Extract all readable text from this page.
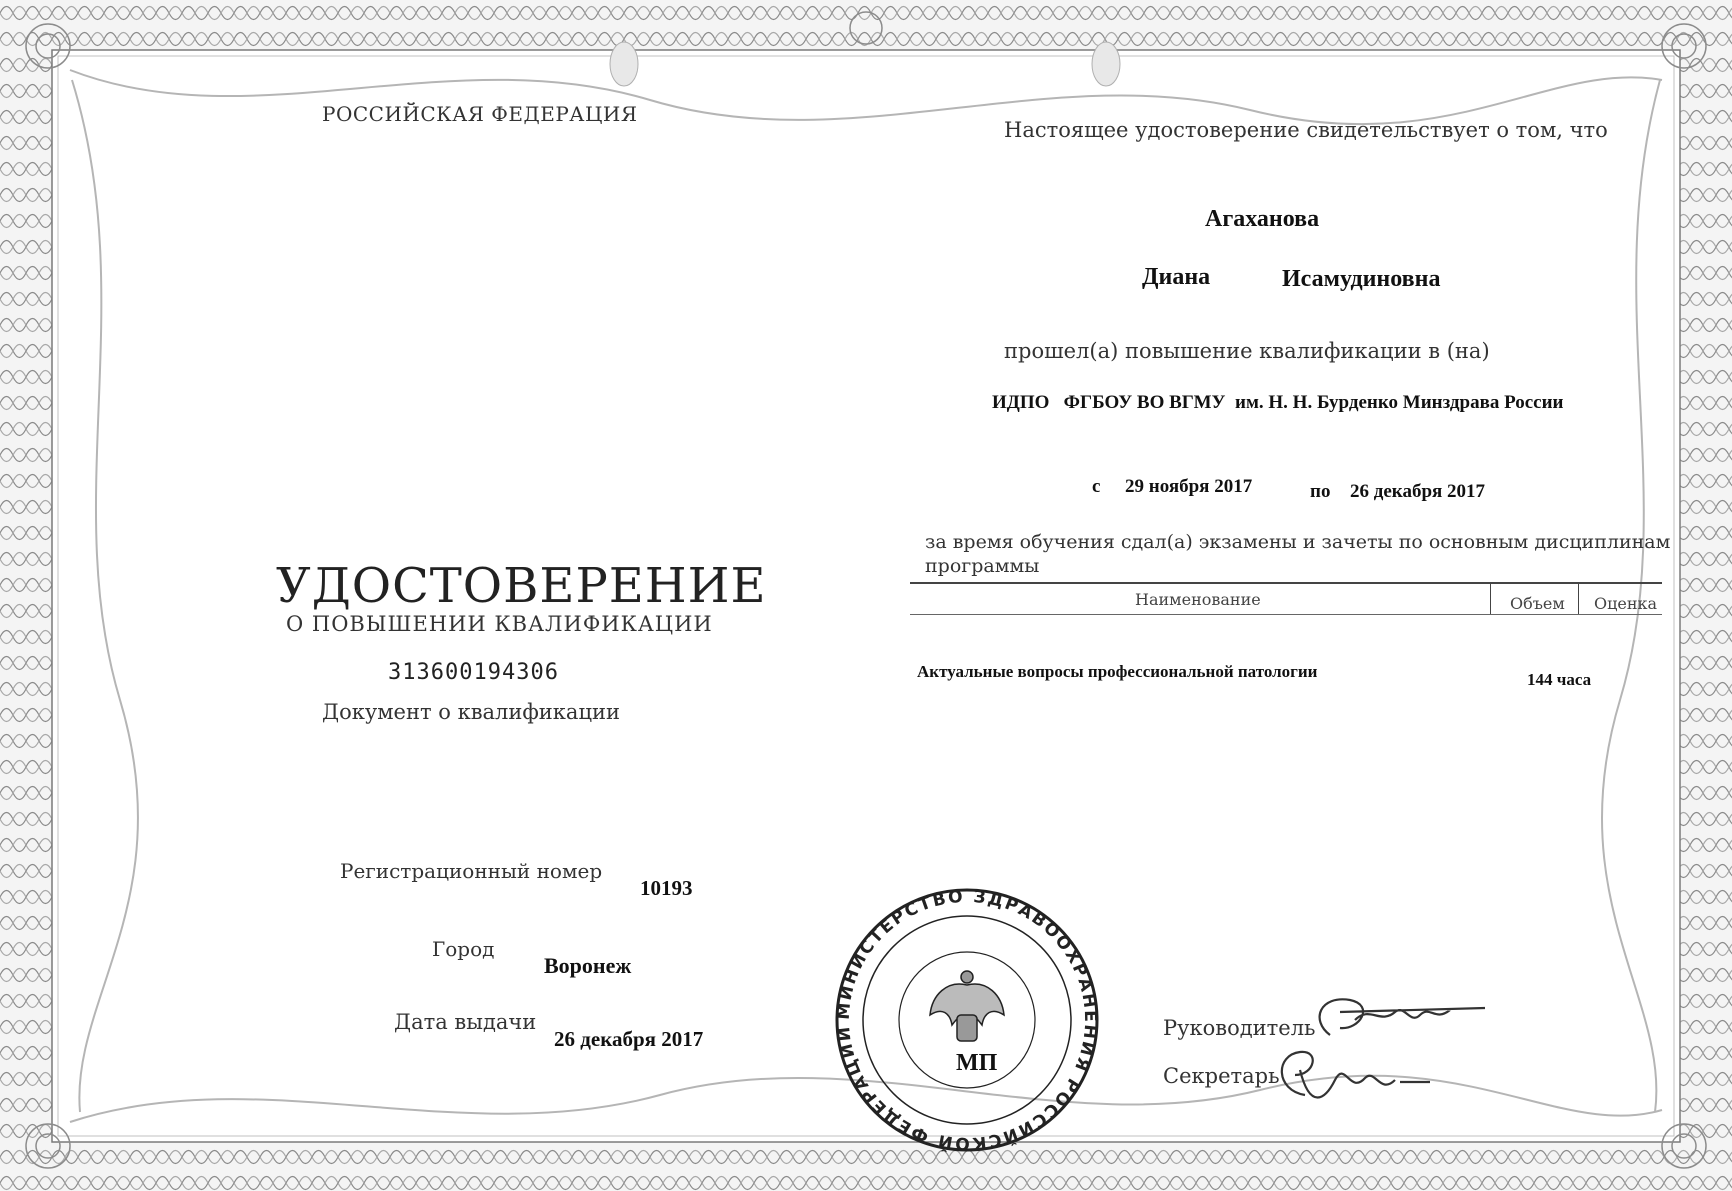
РОССИЙСКАЯ ФЕДЕРАЦИЯ
УДОСТОВЕРЕНИЕ
О ПОВЫШЕНИИ КВАЛИФИКАЦИИ
313600194306
Документ о квалификации
Регистрационный номер
10193
Город
Воронеж
Дата выдачи
26 декабря 2017
Настоящее удостоверение свидетельствует о том, что
Агаханова
Диана	Исамудиновна
прошел(а) повышение квалификации в (на)
ИДПО   ФГБОУ ВО ВГМУ  им. Н. Н. Бурденко Минздрава России
с 29 ноября 2017	по 26 декабря 2017
за время обучения сдал(а) экзамены и зачеты по основным дисциплинам программы
Наименование	Объем Оценка
Актуальные вопросы профессиональной патологии	144 часа
Руководитель
Секретарь
МИНИСТЕРСТВО ЗДРАВООХРАНЕНИЯ РОССИЙСКОЙ ФЕДЕРАЦИИ
МП
